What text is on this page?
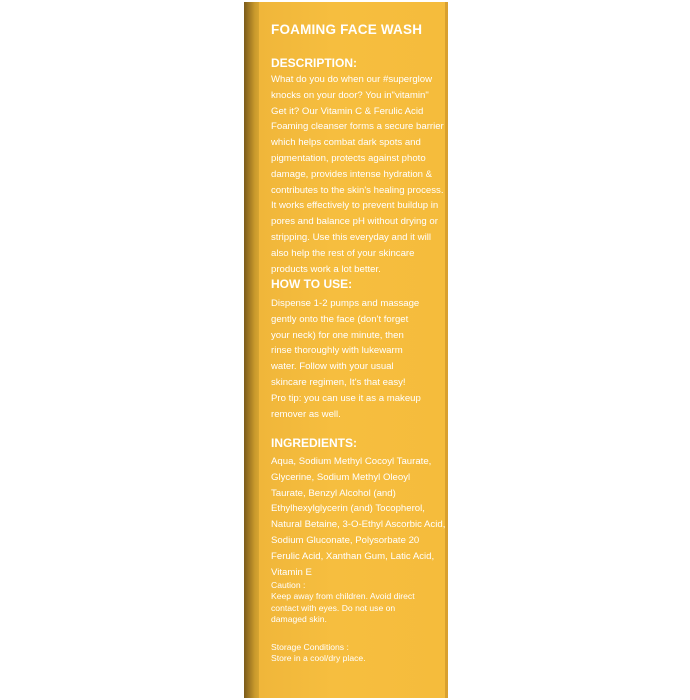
FOAMING FACE WASH
DESCRIPTION:
What do you do when our #superglow
knocks on your door? You in"vitamin"
Get it? Our Vitamin C & Ferulic Acid
Foaming cleanser forms a secure barrier
which helps combat dark spots and
pigmentation, protects against photo
damage, provides intense hydration &
contributes to the skin's healing process.
It works effectively to prevent buildup in
pores and balance pH without drying or
stripping. Use this everyday and it will
also help the rest of your skincare
products work a lot better.
HOW TO USE:
Dispense 1-2 pumps and massage
gently onto the face (don't forget
your neck) for one minute, then
rinse thoroughly with lukewarm
water. Follow with your usual
skincare regimen, It's that easy!
Pro tip: you can use it as a makeup
remover as well.
INGREDIENTS:
Aqua, Sodium Methyl Cocoyl Taurate,
Glycerine, Sodium Methyl Oleoyl
Taurate, Benzyl Alcohol (and)
Ethylhexylglycerin (and) Tocopherol,
Natural Betaine, 3-O-Ethyl Ascorbic Acid,
Sodium Gluconate, Polysorbate 20
Ferulic Acid, Xanthan Gum, Latic Acid,
Vitamin E
Caution :
Keep away from children. Avoid direct
contact with eyes. Do not use on
damaged skin.
Storage Conditions :
Store in a cool/dry place.
